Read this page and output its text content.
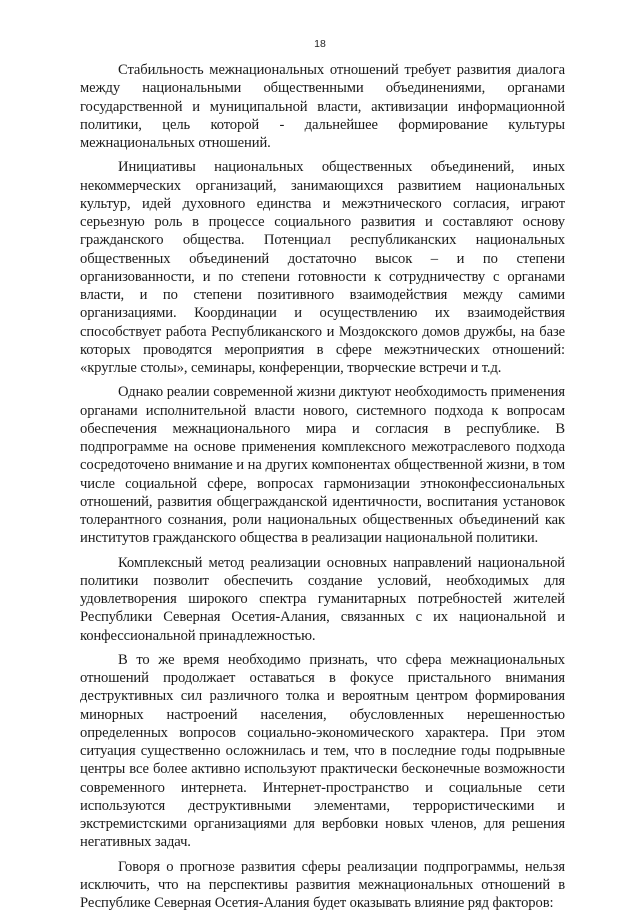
18

Стабильность межнациональных отношений требует развития диалога между национальными общественными объединениями, органами государственной и муниципальной власти, активизации информационной политики, цель которой - дальнейшее формирование культуры межнациональных отношений.

Инициативы национальных общественных объединений, иных некоммерческих организаций, занимающихся развитием национальных культур, идей духовного единства и межэтнического согласия, играют серьезную роль в процессе социального развития и составляют основу гражданского общества. Потенциал республиканских национальных общественных объединений достаточно высок – и по степени организованности, и по степени готовности к сотрудничеству с органами власти, и по степени позитивного взаимодействия между самими организациями. Координации и осуществлению их взаимодействия способствует работа Республиканского и Моздокского домов дружбы, на базе которых проводятся мероприятия в сфере межэтнических отношений: «круглые столы», семинары, конференции, творческие встречи и т.д.

Однако реалии современной жизни диктуют необходимость применения органами исполнительной власти нового, системного подхода к вопросам обеспечения межнационального мира и согласия в республике. В подпрограмме на основе применения комплексного межотраслевого подхода сосредоточено внимание и на других компонентах общественной жизни, в том числе социальной сфере, вопросах гармонизации этноконфессиональных отношений, развития общегражданской идентичности, воспитания установок толерантного сознания, роли национальных общественных объединений как институтов гражданского общества в реализации национальной политики.

Комплексный метод реализации основных направлений национальной политики позволит обеспечить создание условий, необходимых для удовлетворения широкого спектра гуманитарных потребностей жителей Республики Северная Осетия-Алания, связанных с их национальной и конфессиональной принадлежностью.

В то же время необходимо признать, что сфера межнациональных отношений продолжает оставаться в фокусе пристального внимания деструктивных сил различного толка и вероятным центром формирования минорных настроений населения, обусловленных нерешенностью определенных вопросов социально-экономического характера. При этом ситуация существенно осложнилась и тем, что в последние годы подрывные центры все более активно используют практически бесконечные возможности современного интернета. Интернет-пространство и социальные сети используются деструктивными элементами, террористическими и экстремистскими организациями для вербовки новых членов, для решения негативных задач.

Говоря о прогнозе развития сферы реализации подпрограммы, нельзя исключить, что на перспективы развития межнациональных отношений в Республике Северная Осетия-Алания будет оказывать влияние ряд факторов:
